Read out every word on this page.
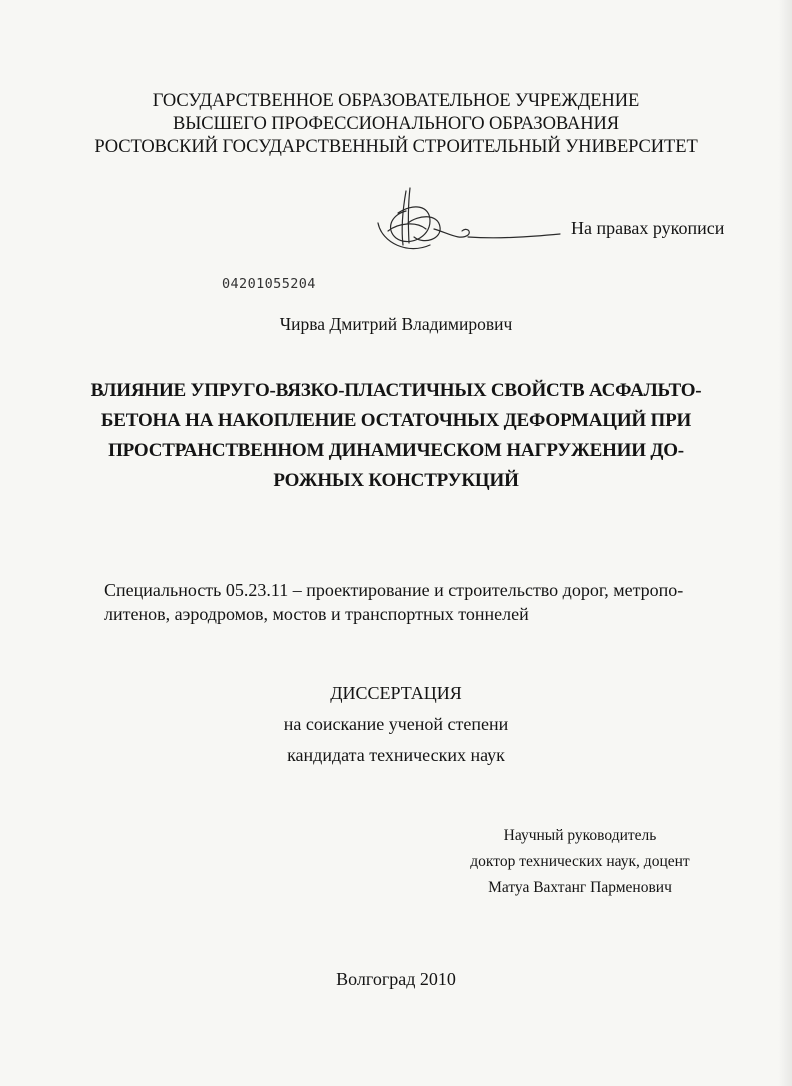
ГОСУДАРСТВЕННОЕ ОБРАЗОВАТЕЛЬНОЕ УЧРЕЖДЕНИЕ
ВЫСШЕГО ПРОФЕССИОНАЛЬНОГО ОБРАЗОВАНИЯ
РОСТОВСКИЙ ГОСУДАРСТВЕННЫЙ СТРОИТЕЛЬНЫЙ УНИВЕРСИТЕТ
На правах рукописи
04201055204
Чирва Дмитрий Владимирович
ВЛИЯНИЕ УПРУГО-ВЯЗКО-ПЛАСТИЧНЫХ СВОЙСТВ АСФАЛЬТО-
БЕТОНА НА НАКОПЛЕНИЕ ОСТАТОЧНЫХ ДЕФОРМАЦИЙ ПРИ
ПРОСТРАНСТВЕННОМ ДИНАМИЧЕСКОМ НАГРУЖЕНИИ ДО-
РОЖНЫХ КОНСТРУКЦИЙ
Специальность 05.23.11 – проектирование и строительство дорог, метропо-
литенов, аэродромов, мостов и транспортных тоннелей
ДИССЕРТАЦИЯ
на соискание ученой степени
кандидата технических наук
Научный руководитель
доктор технических наук, доцент
Матуа Вахтанг Парменович
Волгоград 2010
